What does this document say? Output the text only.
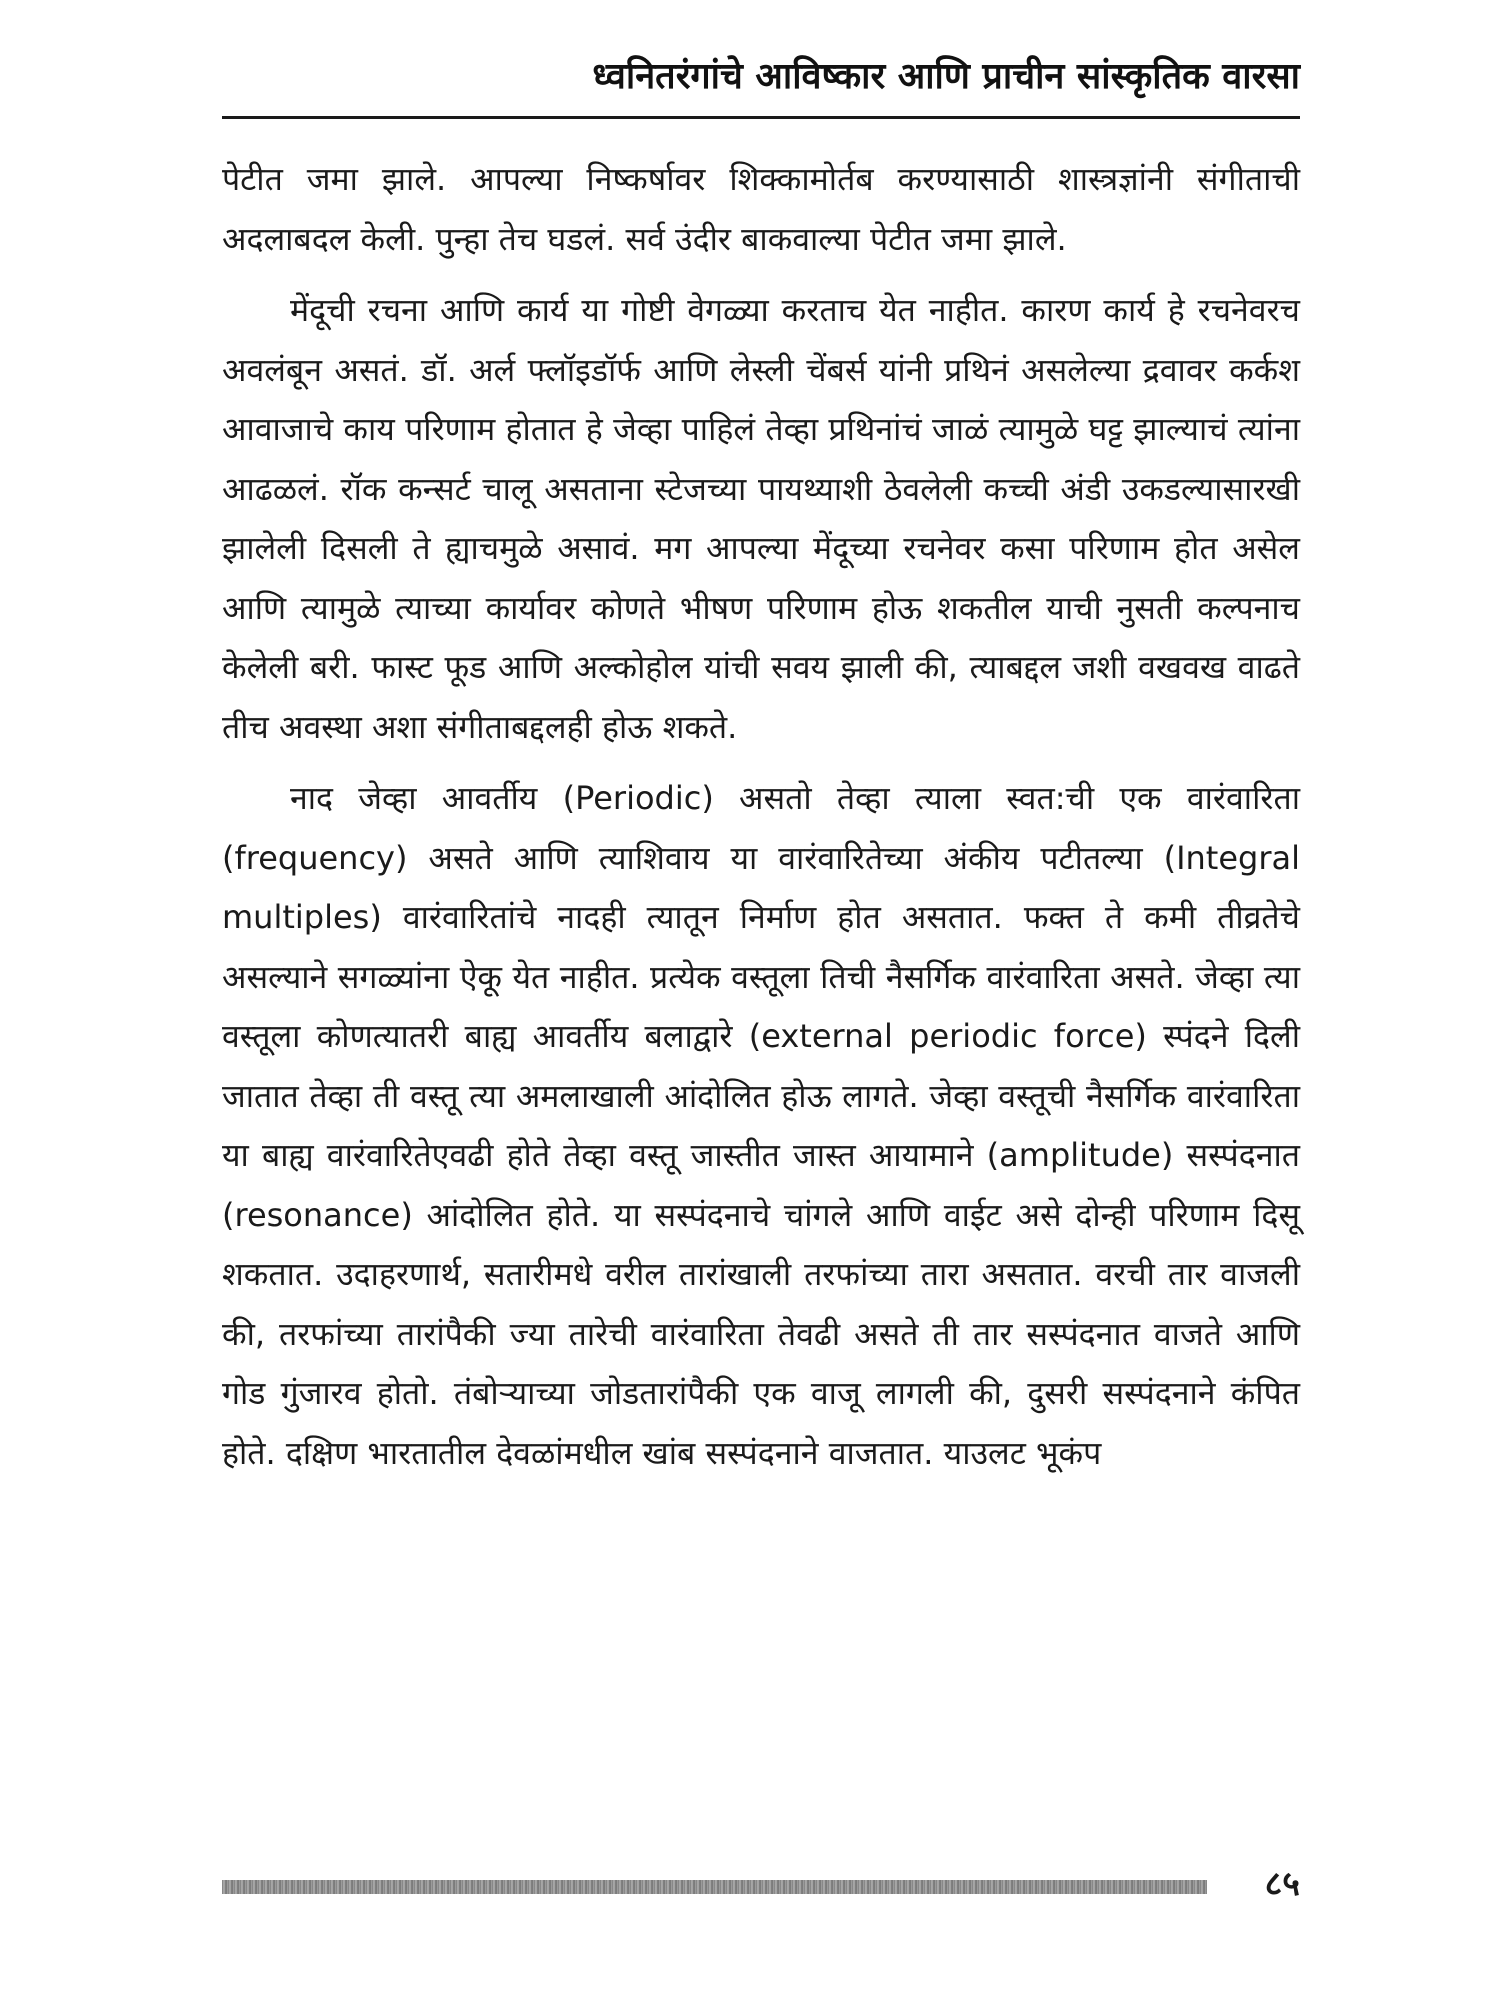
ध्वनितरंगांचे आविष्कार आणि प्राचीन सांस्कृतिक वारसा

पेटीत जमा झाले. आपल्या निष्कर्षावर शिक्कामोर्तब करण्यासाठी शास्त्रज्ञांनी संगीताची अदलाबदल केली. पुन्हा तेच घडलं. सर्व उंदीर बाकवाल्या पेटीत जमा झाले.

मेंदूची रचना आणि कार्य या गोष्टी वेगळ्या करताच येत नाहीत. कारण कार्य हे रचनेवरच अवलंबून असतं. डॉ. अर्ल फ्लॉइडॉर्फ आणि लेस्ली चेंबर्स यांनी प्रथिनं असलेल्या द्रवावर कर्कश आवाजाचे काय परिणाम होतात हे जेव्हा पाहिलं तेव्हा प्रथिनांचं जाळं त्यामुळे घट्ट झाल्याचं त्यांना आढळलं. रॉक कन्सर्ट चालू असताना स्टेजच्या पायथ्याशी ठेवलेली कच्ची अंडी उकडल्यासारखी झालेली दिसली ते ह्याचमुळे असावं. मग आपल्या मेंदूच्या रचनेवर कसा परिणाम होत असेल आणि त्यामुळे त्याच्या कार्यावर कोणते भीषण परिणाम होऊ शकतील याची नुसती कल्पनाच केलेली बरी. फास्ट फूड आणि अल्कोहोल यांची सवय झाली की, त्याबद्दल जशी वखवख वाढते तीच अवस्था अशा संगीताबद्दलही होऊ शकते.

नाद जेव्हा आवर्तीय (Periodic) असतो तेव्हा त्याला स्वत:ची एक वारंवारिता (frequency) असते आणि त्याशिवाय या वारंवारितेच्या अंकीय पटीतल्या (Integral multiples) वारंवारितांचे नादही त्यातून निर्माण होत असतात. फक्त ते कमी तीव्रतेचे असल्याने सगळ्यांना ऐकू येत नाहीत. प्रत्येक वस्तूला तिची नैसर्गिक वारंवारिता असते. जेव्हा त्या वस्तूला कोणत्यातरी बाह्य आवर्तीय बलाद्वारे (external periodic force) स्पंदने दिली जातात तेव्हा ती वस्तू त्या अमलाखाली आंदोलित होऊ लागते. जेव्हा वस्तूची नैसर्गिक वारंवारिता या बाह्य वारंवारितेएवढी होते तेव्हा वस्तू जास्तीत जास्त आयामाने (amplitude) सस्पंदनात (resonance) आंदोलित होते. या सस्पंदनाचे चांगले आणि वाईट असे दोन्ही परिणाम दिसू शकतात. उदाहरणार्थ, सतारीमधे वरील तारांखाली तरफांच्या तारा असतात. वरची तार वाजली की, तरफांच्या तारांपैकी ज्या तारेची वारंवारिता तेवढी असते ती तार सस्पंदनात वाजते आणि गोड गुंजारव होतो. तंबोऱ्याच्या जोडतारांपैकी एक वाजू लागली की, दुसरी सस्पंदनाने कंपित होते. दक्षिण भारतातील देवळांमधील खांब सस्पंदनाने वाजतात. याउलट भूकंप

८५
